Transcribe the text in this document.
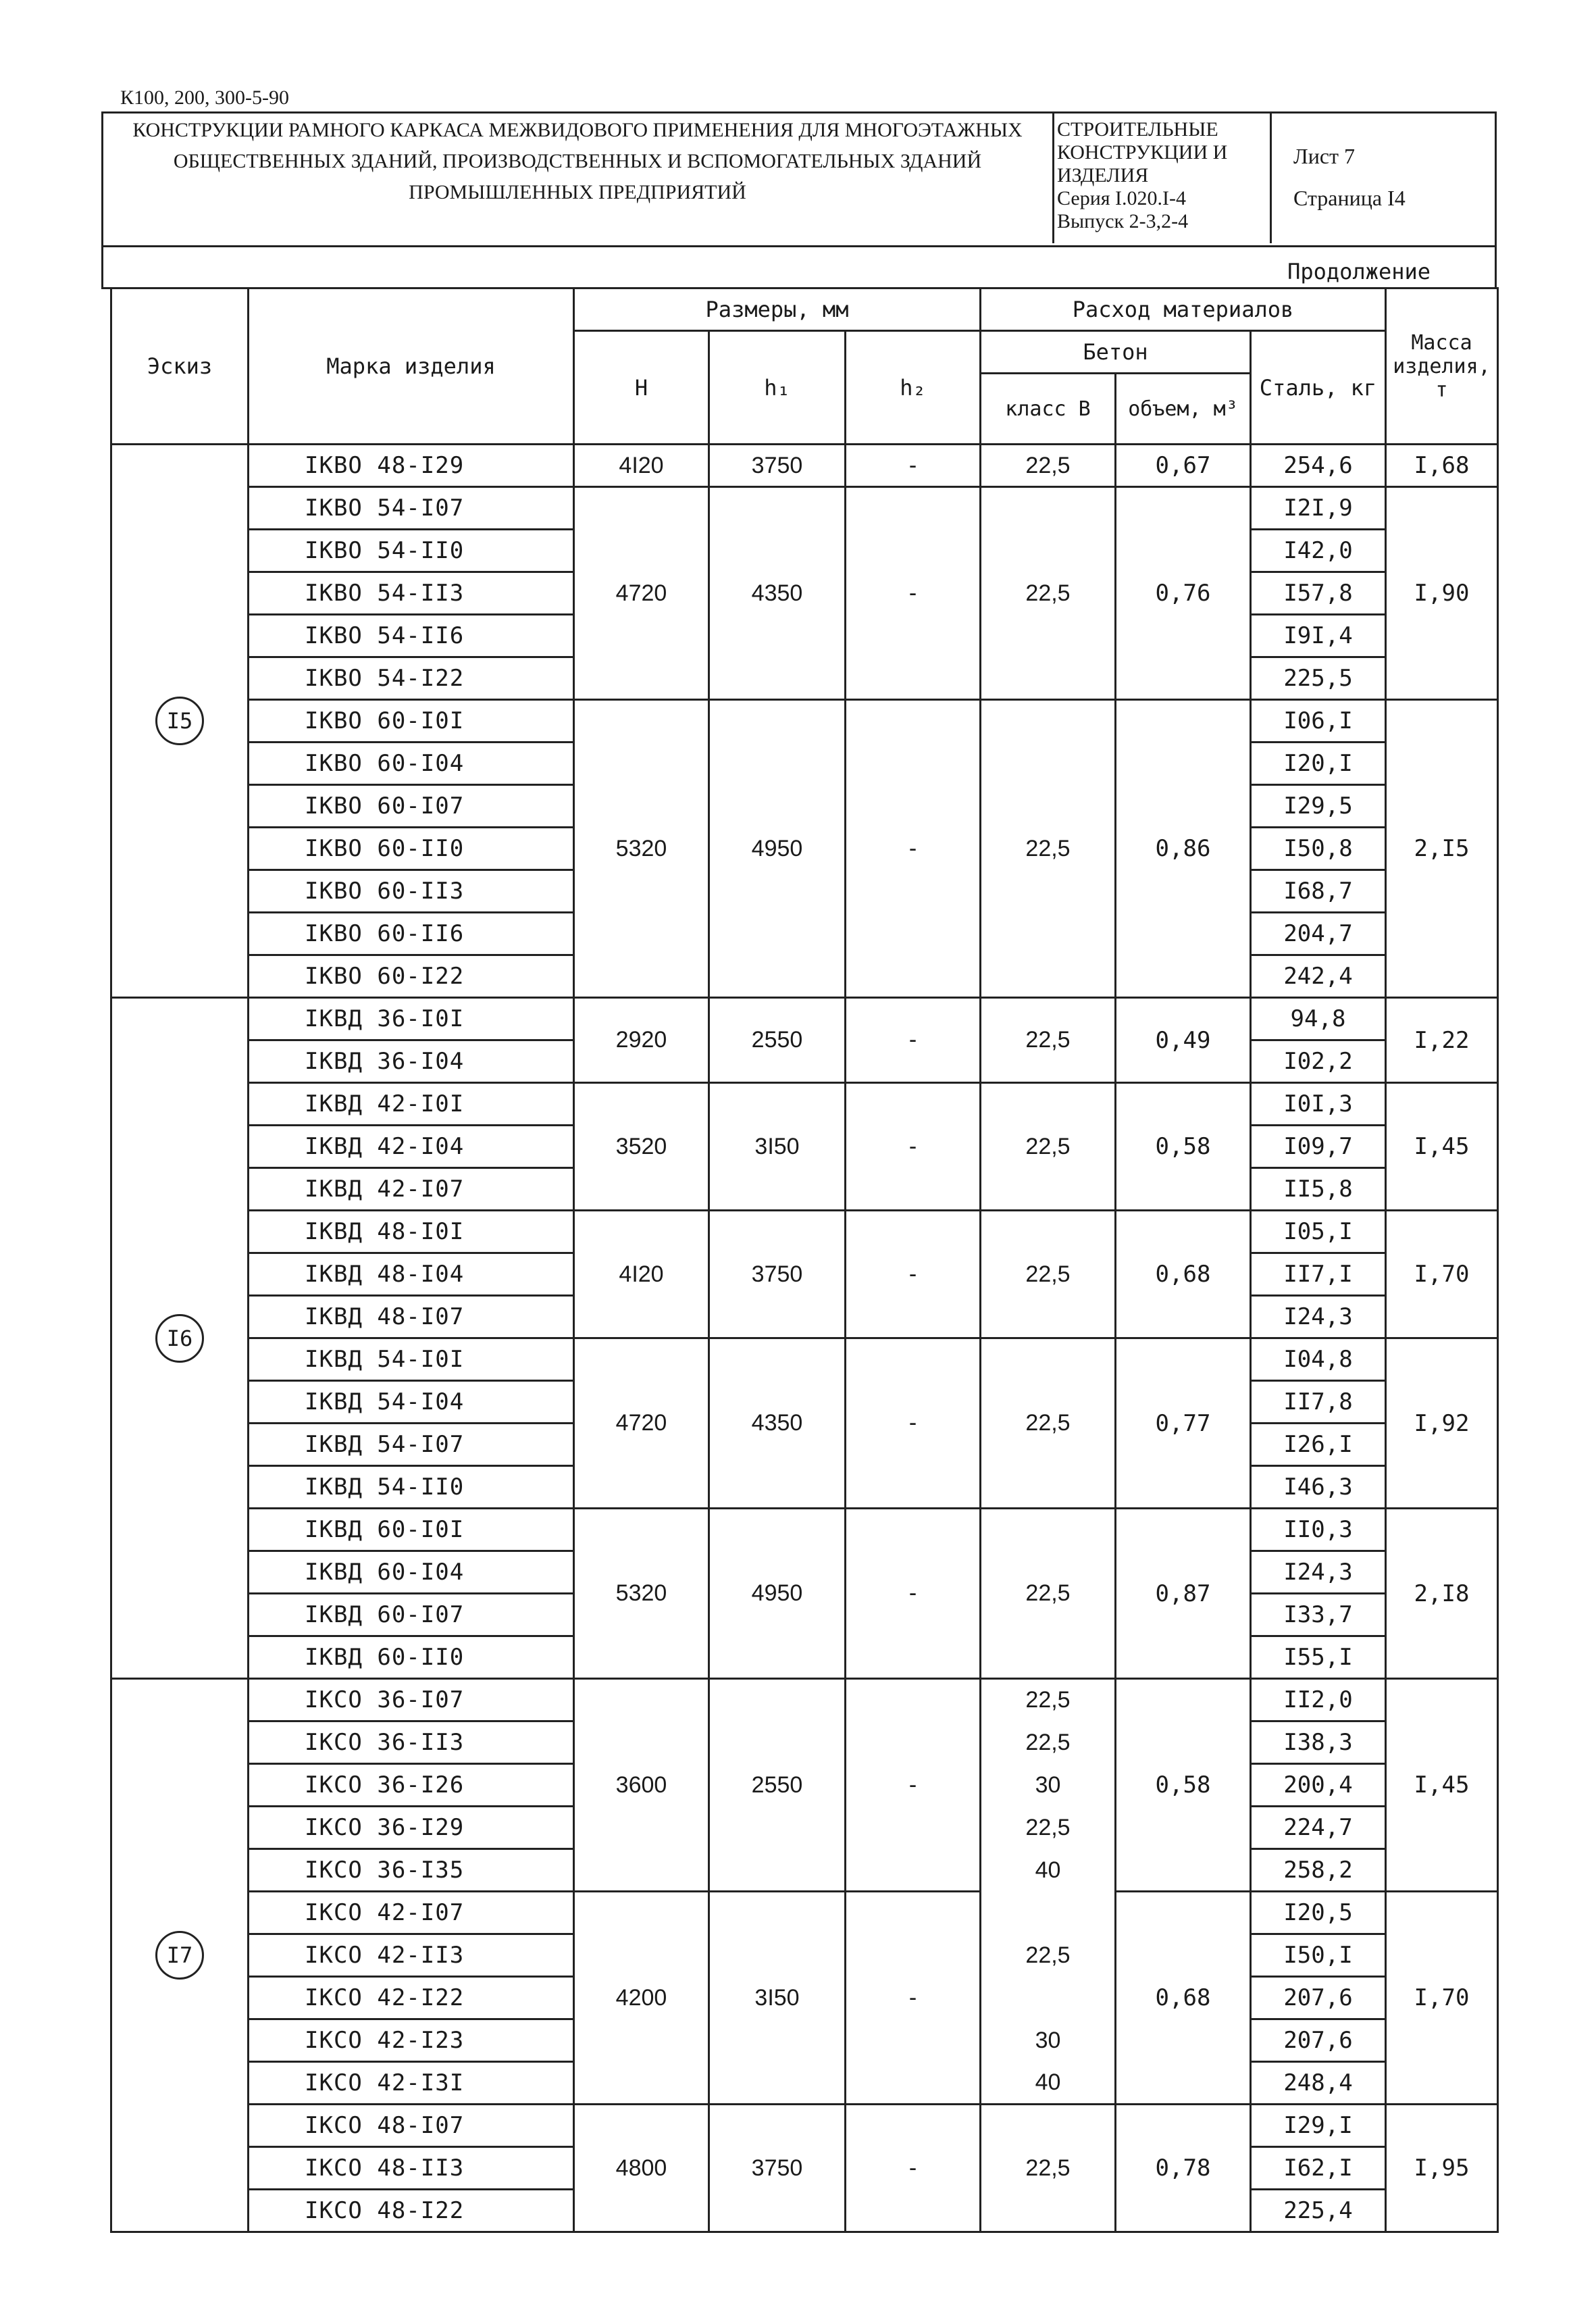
К100, 200, 300-5-90
КОНСТРУКЦИИ РАМНОГО КАРКАСА МЕЖВИДОВОГО ПРИМЕНЕНИЯ ДЛЯ МНОГОЭТАЖНЫХ ОБЩЕСТВЕННЫХ ЗДАНИЙ, ПРОИЗВОДСТВЕННЫХ И ВСПОМОГАТЕЛЬНЫХ ЗДАНИЙ ПРОМЫШЛЕННЫХ ПРЕДПРИЯТИЙ
СТРОИТЕЛЬНЫЕ
КОНСТРУКЦИИ И
ИЗДЕЛИЯ
Серия I.020.I-4
Выпуск 2-3,2-4
Лист 7
Страница I4
Продолжение
Эскиз	Марка изделия	Размеры, мм			Расход материалов			Масса изделия, т
		H	h₁	h₂	Бетон		Сталь, кг	
					класс В	объем, м³		
I5	IКВО 48-I29	4I20	3750	-	22,5	0,67	254,6	I,68
	IКВО 54-I07	4720	4350	-	22,5	0,76	I2I,9	I,90
	IКВО 54-II0						I42,0	
	IКВО 54-II3						I57,8	
	IКВО 54-II6						I9I,4	
	IКВО 54-I22						225,5	
	IКВО 60-I0I	5320	4950	-	22,5	0,86	I06,I	2,I5
	IКВО 60-I04						I20,I	
	IКВО 60-I07						I29,5	
	IКВО 60-II0						I50,8	
	IКВО 60-II3						I68,7	
	IКВО 60-II6						204,7	
	IКВО 60-I22						242,4	
I6	IКВД 36-I0I	2920	2550	-	22,5	0,49	94,8	I,22
	IКВД 36-I04						I02,2	
	IКВД 42-I0I	3520	3I50	-	22,5	0,58	I0I,3	I,45
	IКВД 42-I04						I09,7	
	IКВД 42-I07						II5,8	
	IКВД 48-I0I	4I20	3750	-	22,5	0,68	I05,I	I,70
	IКВД 48-I04						II7,I	
	IКВД 48-I07						I24,3	
	IКВД 54-I0I	4720	4350	-	22,5	0,77	I04,8	I,92
	IКВД 54-I04						II7,8	
	IКВД 54-I07						I26,I	
	IКВД 54-II0						I46,3	
	IКВД 60-I0I	5320	4950	-	22,5	0,87	II0,3	2,I8
	IКВД 60-I04						I24,3	
	IКВД 60-I07						I33,7	
	IКВД 60-II0						I55,I	
I7	IКСО 36-I07	3600	2550	-	22,5	0,58	II2,0	I,45
	IКСО 36-II3				22,5		I38,3	
	IКСО 36-I26				30		200,4	
	IКСО 36-I29				22,5		224,7	
	IКСО 36-I35				40		258,2	
	IКСО 42-I07	4200	3I50	-		0,68	I20,5	I,70
	IКСО 42-II3				22,5		I50,I	
	IКСО 42-I22						207,6	
	IКСО 42-I23				30		207,6	
	IКСО 42-I3I				40		248,4	
	IКСО 48-I07	4800	3750	-	22,5	0,78	I29,I	I,95
	IКСО 48-II3						I62,I	
	IКСО 48-I22						225,4	
